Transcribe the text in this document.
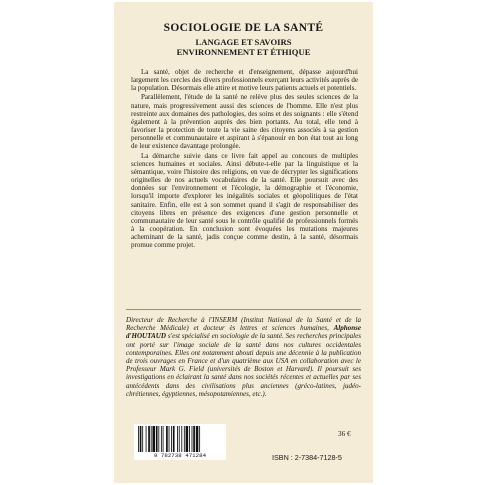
SOCIOLOGIE DE LA SANTÉ
LANGAGE ET SAVOIRS
ENVIRONNEMENT ET ÉTHIQUE

La santé, objet de recherche et d'enseignement, dépasse aujourd'hui largement les cercles des divers professionnels exerçant leurs activités auprès de la population. Désormais elle attire et motive leurs patients actuels et potentiels.

Parallèlement, l'étude de la santé ne relève plus des seules sciences de la nature, mais progressivement aussi des sciences de l'homme. Elle n'est plus restreinte aux domaines des pathologies, des soins et des soignants : elle s'étend également à la prévention auprès des bien portants. Au total, elle tend à favoriser la protection de toute la vie saine des citoyens associés à sa gestion personnelle et communautaire et aspirant à s'épanouir en bon état tout au long de leur existence davantage prolongée.

La démarche suivie dans ce livre fait appel au concours de multiples sciences humaines et sociales. Ainsi débute-t-elle par la linguistique et la sémantique, voire l'histoire des religions, en vue de décrypter les significations originelles de nos actuels vocabulaires de la santé. Elle poursuit avec des données sur l'environnement et l'écologie, la démographie et l'économie, lorsqu'il importe d'explorer les inégalités sociales et géopolitiques de l'état sanitaire. Enfin, elle est à son sommet quand il s'agit de responsabiliser des citoyens libres en présence des exigences d'une gestion personnelle et communautaire de leur santé sous le contrôle qualifié de professionnels formés à la coopération. En conclusion sont évoquées les mutations majeures acheminant de la santé, jadis conçue comme destin, à la santé, désormais promue comme projet.

Directeur de Recherche à l'INSERM (Institut National de la Santé et de la Recherche Médicale) et docteur ès lettres et sciences humaines, Alphonse d'HOUTAUD s'est spécialisé en sociologie de la santé. Ses recherches principales ont porté sur l'image sociale de la santé dans nos cultures occidentales contemporaines. Elles ont notamment abouti depuis une décennie à la publication de trois ouvrages en France et d'un quatrième aux USA en collaboration avec le Professeur Mark G. Field (universités de Boston et Harvard). Il poursuit ses investigations en éclairant la santé dans nos sociétés récentes et actuelles par ses antécédents dans des civilisations plus anciennes (gréco-latines, judéo-chrétiennes, égyptiennes, mésopotamiennes, etc.).
36 €
9 782738 471284	ISBN : 2-7384-7128-5
